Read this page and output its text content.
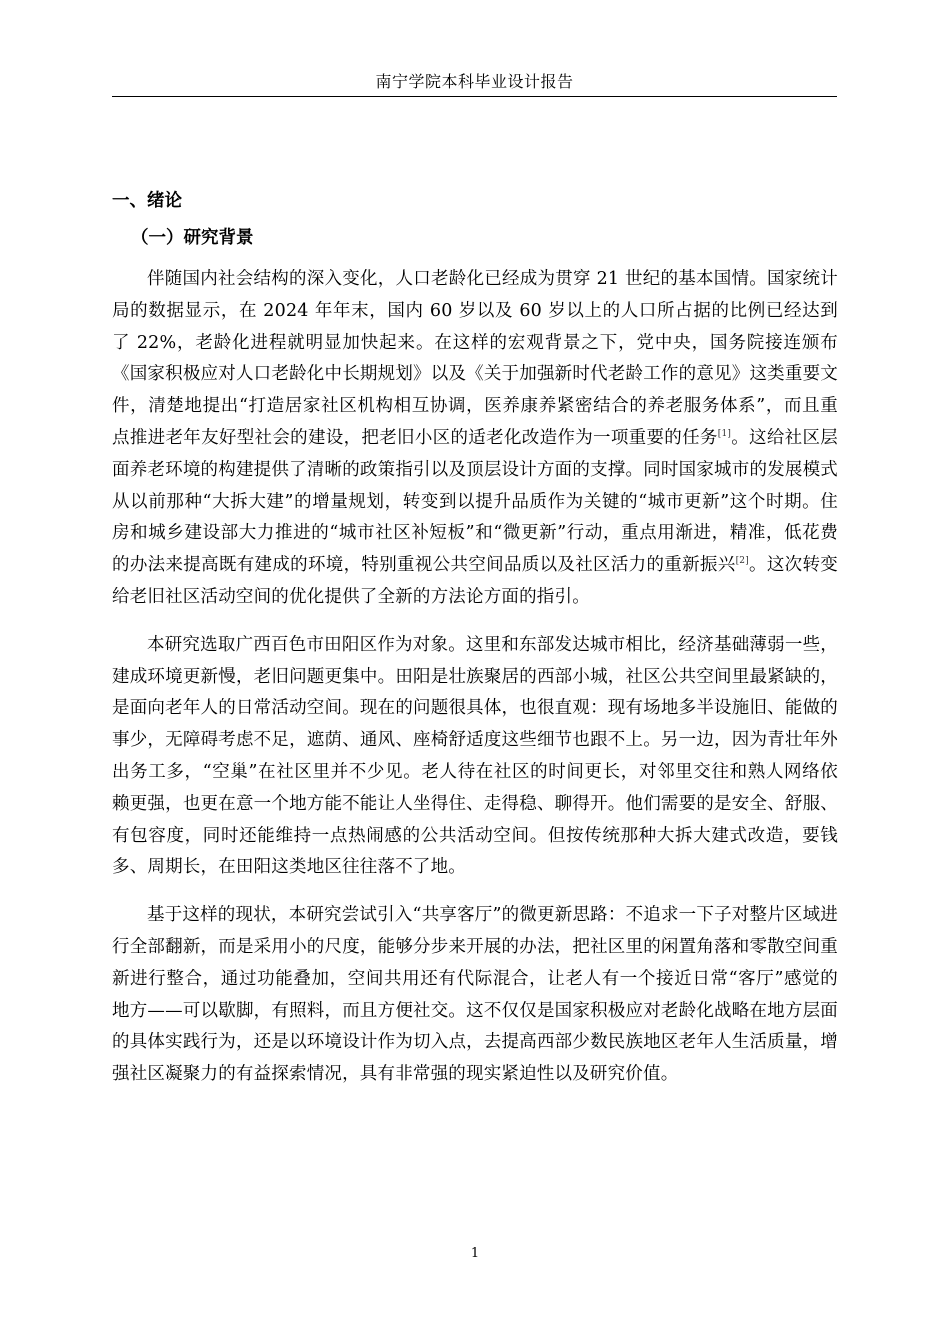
南宁学院本科毕业设计报告
一、绪论
（一）研究背景

伴随国内社会结构的深入变化，人口老龄化已经成为贯穿 21 世纪的基本国情。国家统计局的数据显示，在 2024 年年末，国内 60 岁以及 60 岁以上的人口所占据的比例已经达到了 22%，老龄化进程就明显加快起来。在这样的宏观背景之下，党中央，国务院接连颁布《国家积极应对人口老龄化中长期规划》以及《关于加强新时代老龄工作的意见》这类重要文件，清楚地提出“打造居家社区机构相互协调，医养康养紧密结合的养老服务体系”，而且重点推进老年友好型社会的建设，把老旧小区的适老化改造作为一项重要的任务[1]。这给社区层面养老环境的构建提供了清晰的政策指引以及顶层设计方面的支撑。同时国家城市的发展模式从以前那种“大拆大建”的增量规划，转变到以提升品质作为关键的“城市更新”这个时期。住房和城乡建设部大力推进的“城市社区补短板”和“微更新”行动，重点用渐进，精准，低花费的办法来提高既有建成的环境，特别重视公共空间品质以及社区活力的重新振兴[2]。这次转变给老旧社区活动空间的优化提供了全新的方法论方面的指引。

本研究选取广西百色市田阳区作为对象。这里和东部发达城市相比，经济基础薄弱一些，建成环境更新慢，老旧问题更集中。田阳是壮族聚居的西部小城，社区公共空间里最紧缺的，是面向老年人的日常活动空间。现在的问题很具体，也很直观：现有场地多半设施旧、能做的事少，无障碍考虑不足，遮荫、通风、座椅舒适度这些细节也跟不上。另一边，因为青壮年外出务工多，“空巢”在社区里并不少见。老人待在社区的时间更长，对邻里交往和熟人网络依赖更强，也更在意一个地方能不能让人坐得住、走得稳、聊得开。他们需要的是安全、舒服、有包容度，同时还能维持一点热闹感的公共活动空间。但按传统那种大拆大建式改造，要钱多、周期长，在田阳这类地区往往落不了地。

基于这样的现状，本研究尝试引入“共享客厅”的微更新思路：不追求一下子对整片区域进行全部翻新，而是采用小的尺度，能够分步来开展的办法，把社区里的闲置角落和零散空间重新进行整合，通过功能叠加，空间共用还有代际混合，让老人有一个接近日常“客厅”感觉的地方——可以歇脚，有照料，而且方便社交。这不仅仅是国家积极应对老龄化战略在地方层面的具体实践行为，还是以环境设计作为切入点，去提高西部少数民族地区老年人生活质量，增强社区凝聚力的有益探索情况，具有非常强的现实紧迫性以及研究价值。

1
